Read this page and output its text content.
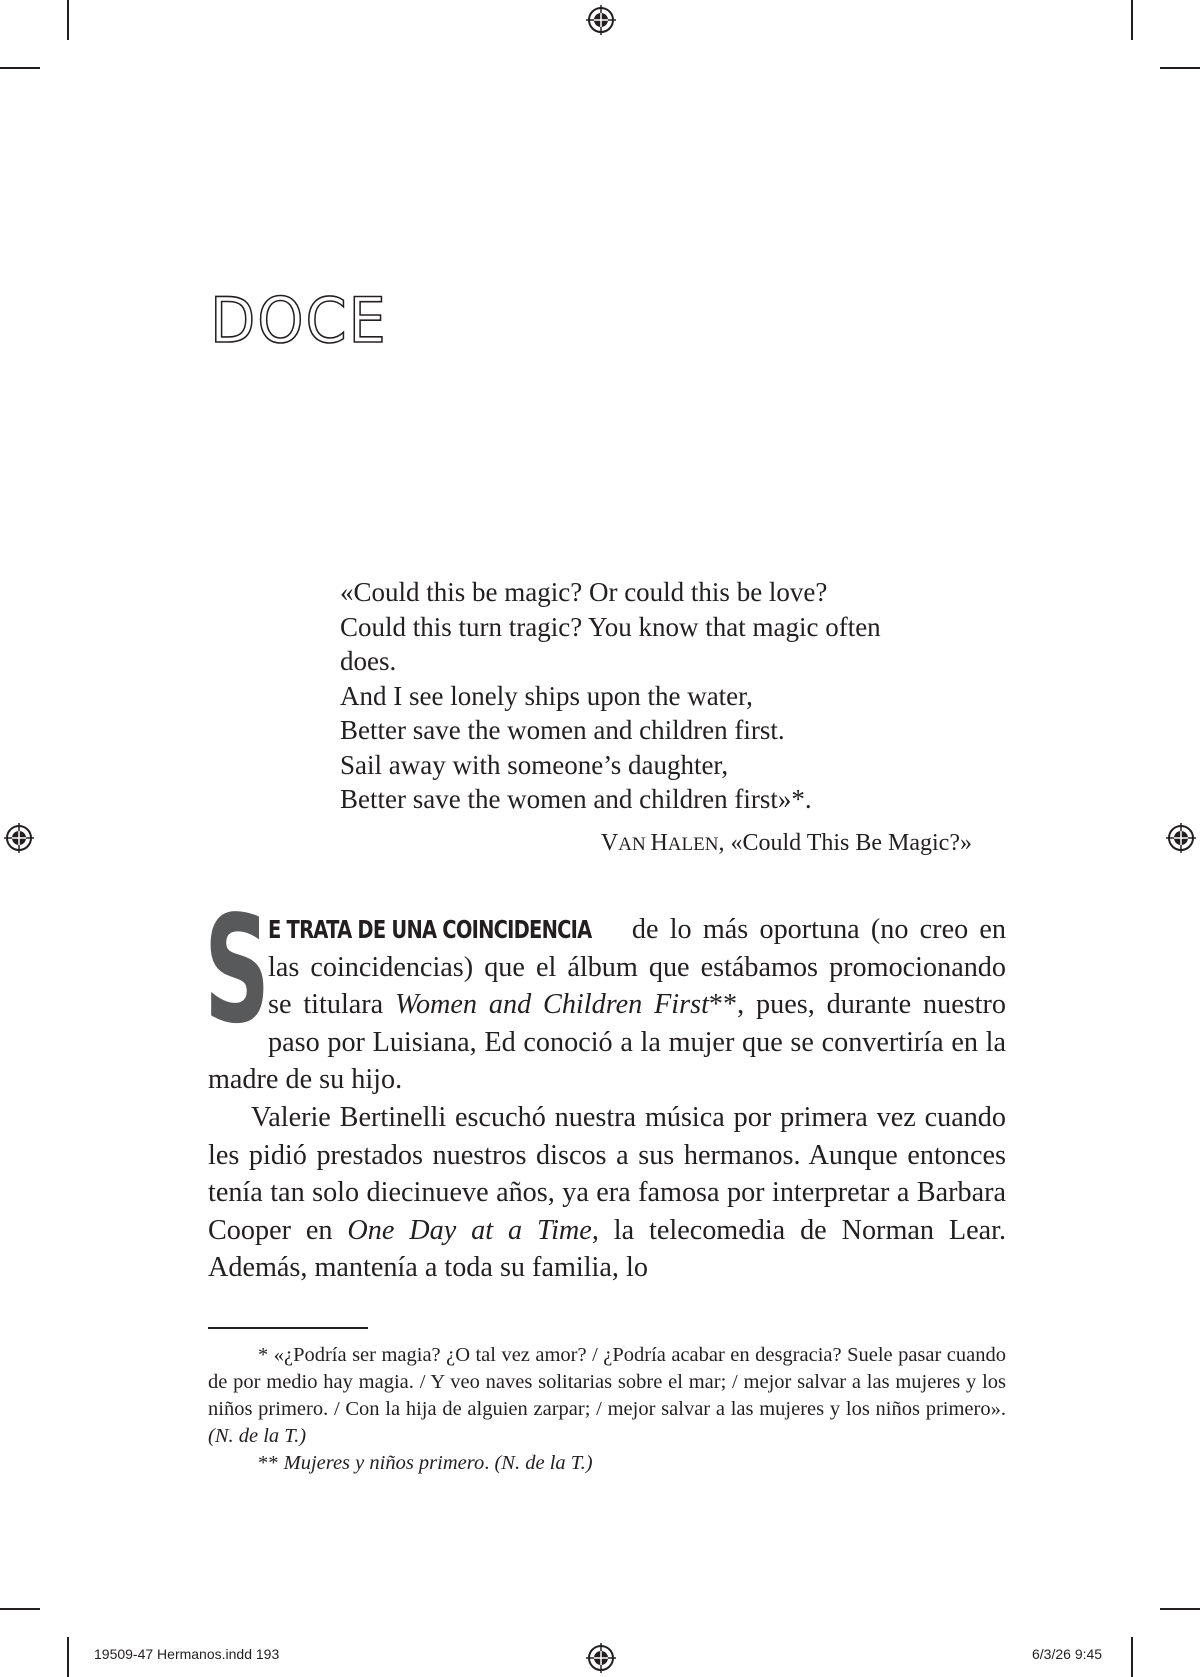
DOCE
«Could this be magic? Or could this be love?
Could this turn tragic? You know that magic often
does.
And I see lonely ships upon the water,
Better save the women and children first.
Sail away with someone’s daughter,
Better save the women and children first»*.
VAN HALEN, «Could This Be Magic?»

S
E TRATA DE UNA COINCIDENCIA de lo más oportuna (no creo en las coincidencias) que el álbum que estábamos promocionando se titulara Women and Children First**, pues, durante nuestro paso por Luisiana, Ed conoció a la mujer que se convertiría en la madre de su hijo.

Valerie Bertinelli escuchó nuestra música por primera vez cuando les pidió prestados nuestros discos a sus hermanos. Aunque entonces tenía tan solo diecinueve años, ya era famosa por interpretar a Barbara Cooper en One Day at a Time, la telecomedia de Norman Lear. Además, mantenía a toda su familia, lo

* «¿Podría ser magia? ¿O tal vez amor? / ¿Podría acabar en desgracia? Suele pasar cuando de por medio hay magia. / Y veo naves solitarias sobre el mar; / mejor salvar a las mujeres y los niños primero. / Con la hija de alguien zarpar; / mejor salvar a las mujeres y los niños primero». (N. de la T.)

** Mujeres y niños primero. (N. de la T.)

19509-47 Hermanos.indd 193	6/3/26 9:45
